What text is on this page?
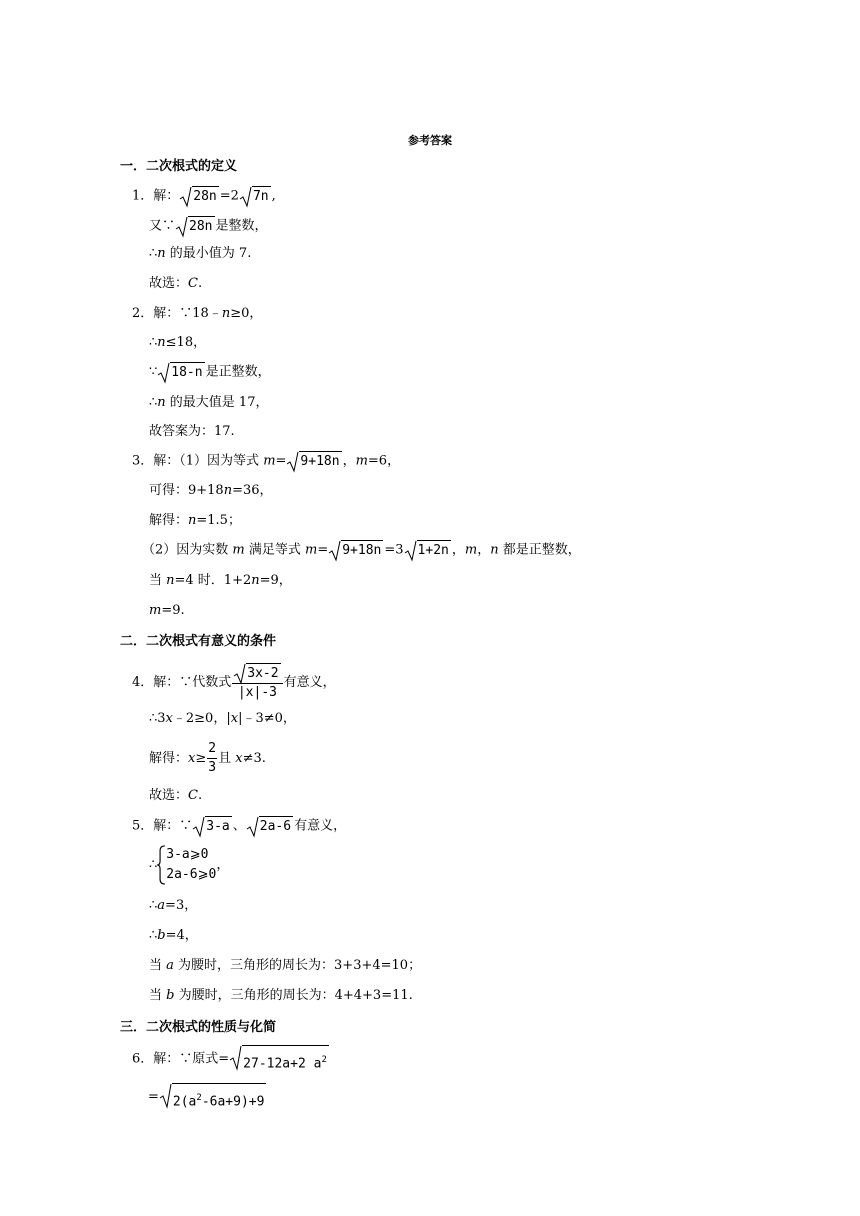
参考答案
一．二次根式的定义
1．解： 28n =2 7n ,
又∵ 28n 是整数，
∴n 的最小值为 7.
故选：C.
2．解：∵18﹣n≥0，
∴n≤18，
∵ 18-n 是正整数，
∴n 的最大值是 17，
故答案为：17.
3．解：（1）因为等式 m= 9+18n ，m=6，
可得：9+18n=36，
解得：n=1.5；
（2）因为实数 m 满足等式 m= 9+18n =3 1+2n ，m，n 都是正整数，
当 n=4 时．1+2n=9，
m=9.
二．二次根式有意义的条件
4．解：∵代数式 $\frac{3x-2}{|x|-3}$ 有意义，
∴3x﹣2≥0，|x|﹣3≠0，
解得：$x\ge \frac{2}{3}$ 且 x≠3.
故选：C.
5．解：∵ 3-a 、 2a-6 有意义，
∴
3-a⩾0
2a-6⩾0
，
∴a=3，
∴b=4，
当 a 为腰时，三角形的周长为：3+3+4=10；
当 b 为腰时，三角形的周长为：4+4+3=11.
三．二次根式的性质与化简
6．解：∵原式= 27-12a+2 $a^2$
= $2(a^2-6a+9)+9$
